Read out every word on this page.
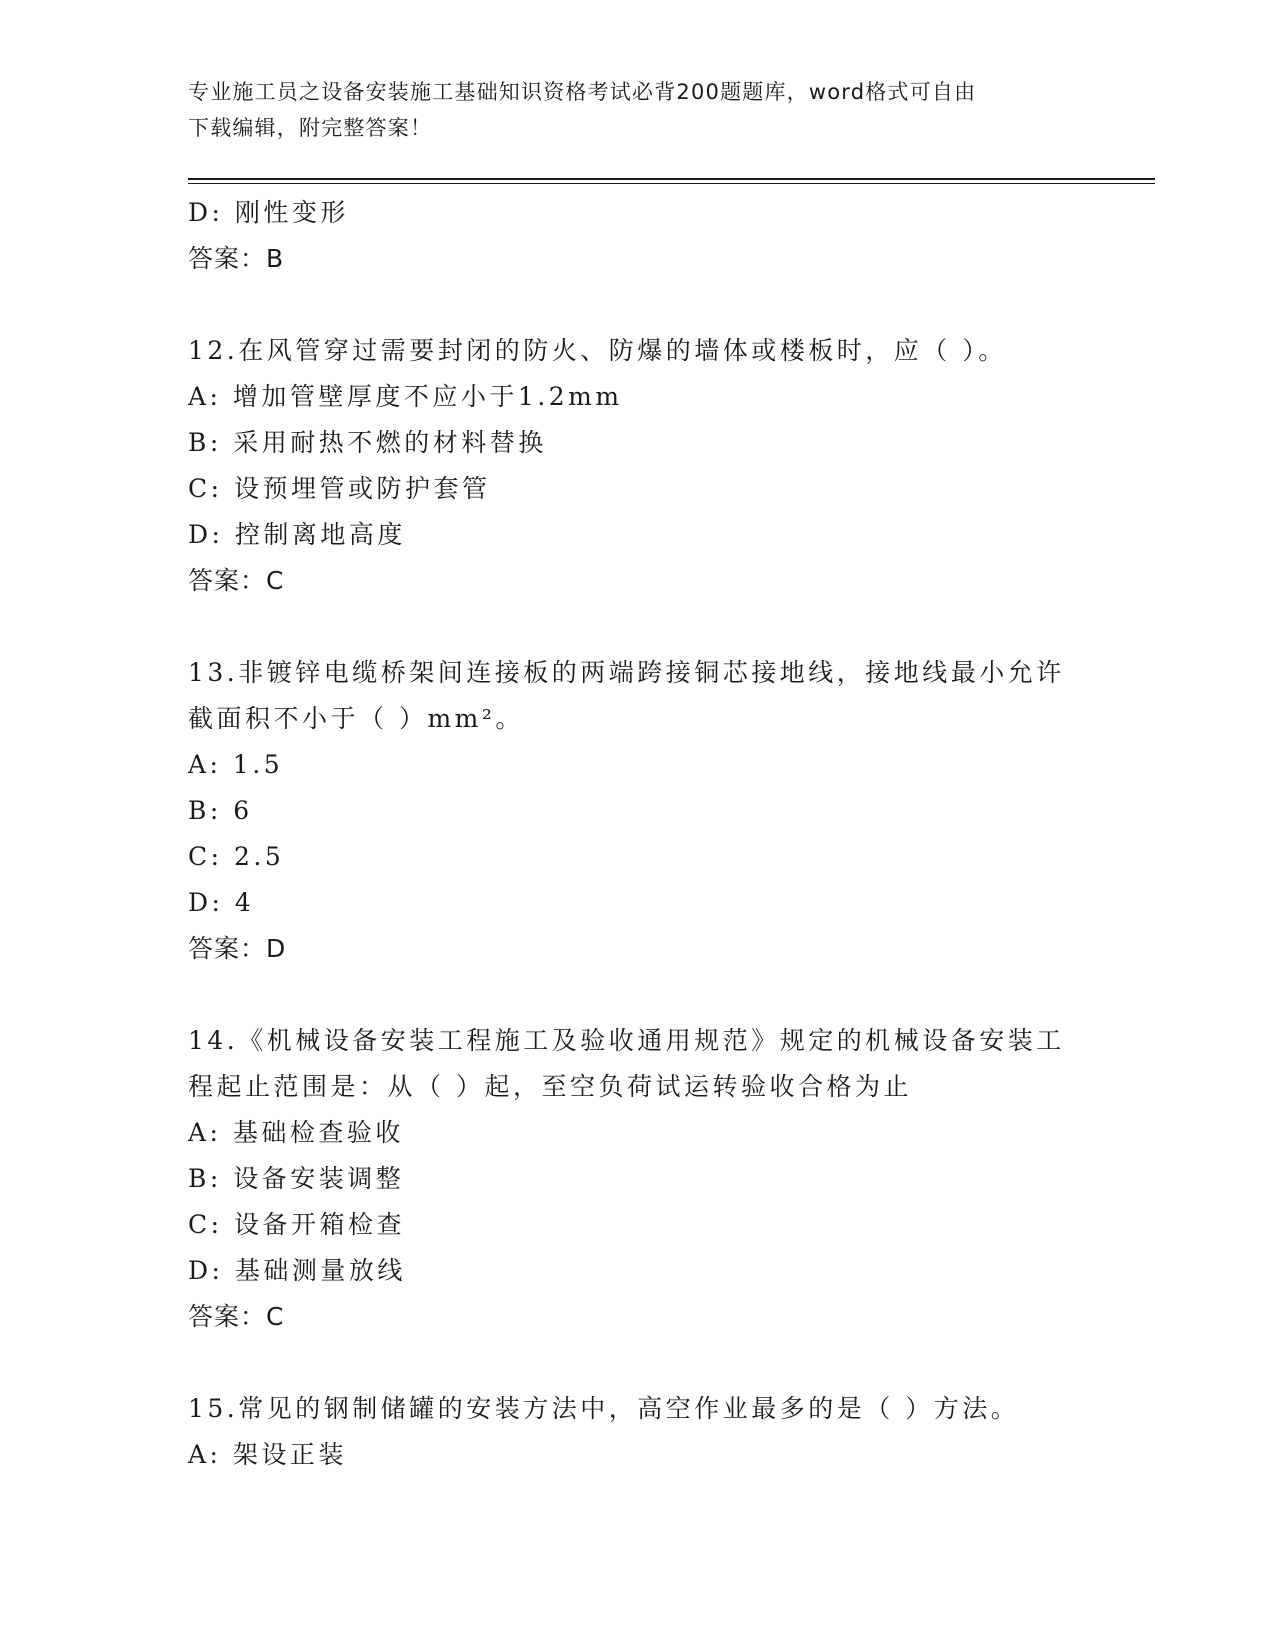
专业施工员之设备安装施工基础知识资格考试必背200题题库，word格式可自由
下载编辑，附完整答案！
D: 刚性变形
答案：B
12.在风管穿过需要封闭的防火、防爆的墙体或楼板时，应（ ）。
A: 增加管壁厚度不应小于1.2mm
B: 采用耐热不燃的材料替换
C: 设预埋管或防护套管
D: 控制离地高度
答案：C
13.非镀锌电缆桥架间连接板的两端跨接铜芯接地线，接地线最小允许
截面积不小于（ ）mm²。
A: 1.5
B: 6
C: 2.5
D: 4
答案：D
14.《机械设备安装工程施工及验收通用规范》规定的机械设备安装工
程起止范围是：从（ ）起，至空负荷试运转验收合格为止
A: 基础检查验收
B: 设备安装调整
C: 设备开箱检查
D: 基础测量放线
答案：C
15.常见的钢制储罐的安装方法中，高空作业最多的是（ ）方法。
A: 架设正装
